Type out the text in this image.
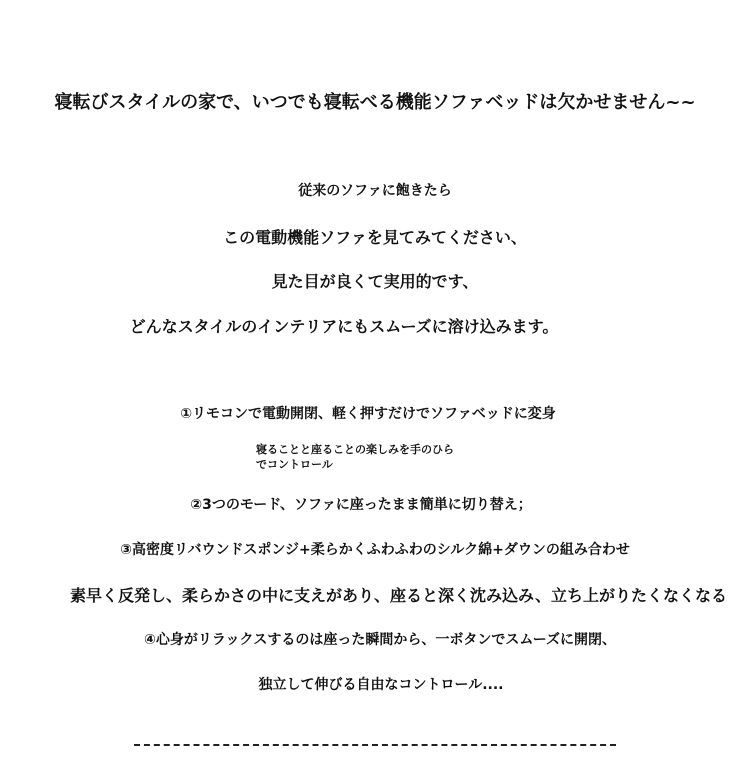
寝転びスタイルの家で、いつでも寝転べる機能ソファベッドは欠かせません~~
従来のソファに飽きたら
この電動機能ソファを見てみてください、
見た目が良くて実用的です、
どんなスタイルのインテリアにもスムーズに溶け込みます。
①リモコンで電動開閉、軽く押すだけでソファベッドに変身
寝ることと座ることの楽しみを手のひら
でコントロール
②3つのモード、ソファに座ったまま簡単に切り替え；
③高密度リバウンドスポンジ+柔らかくふわふわのシルク綿+ダウンの組み合わせ
素早く反発し、柔らかさの中に支えがあり、座ると深く沈み込み、立ち上がりたくなくなる
④心身がリラックスするのは座った瞬間から、一ボタンでスムーズに開閉、
独立して伸びる自由なコントロール....
